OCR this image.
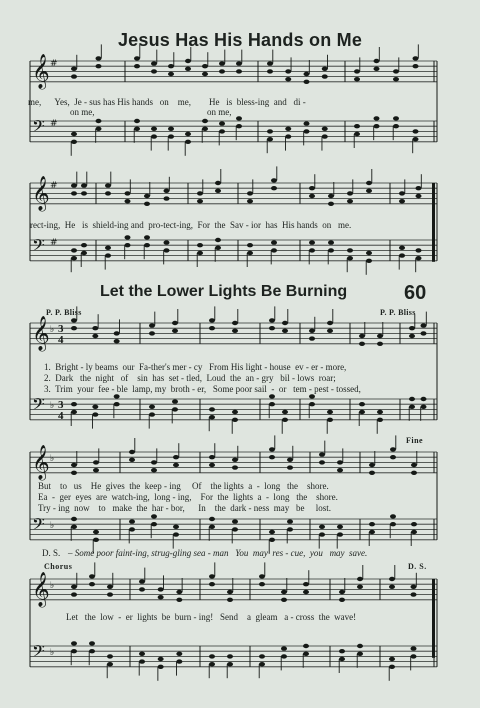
𝄞 #
𝄢 #
𝄞 #
𝄢 #
𝄞 ♭ 3
4
𝄢 ♭ 3
4
𝄞 ♭
𝄢 ♭
𝄞 ♭
𝄢 ♭
Jesus Has His Hands on Me
me,      Yes,  Je - sus has His hands   on    me,        He   is  bless-ing  and   di -
on me,                                                  on me,
rect-ing,  He   is  shield-ing and  pro-tect-ing,  For  the  Sav - ior  has  His hands  on   me.
Let the Lower Lights Be Burning	60
P. P. Bliss	P. P. Bliss
1.  Bright - ly beams  our  Fa-ther's mer - cy   From His light - house  ev - er - more,
2.  Dark   the  night   of    sin  has  set - tled,  Loud  the  an - gry   bil - lows  roar;
3.  Trim  your  fee - ble  lamp, my  broth - er,   Some poor sail  -  or   tem - pest - tossed,
Fine
But    to   us    He  gives  the  keep - ing     Of    the lights  a  -  long   the    shore.
Ea  -  ger  eyes  are  watch-ing,  long - ing,    For  the  lights  a  -  long   the    shore.
Try - ing  now    to   make  the  har - bor,      In    the  dark - ness  may   be     lost.
D. S. – Some poor faint-ing, strug-gling sea - man   You  may  res - cue,  you   may  save.
Chorus	D. S.
Let   the  low  -  er  lights  be  burn - ing!   Send    a  gleam   a - cross  the  wave!
